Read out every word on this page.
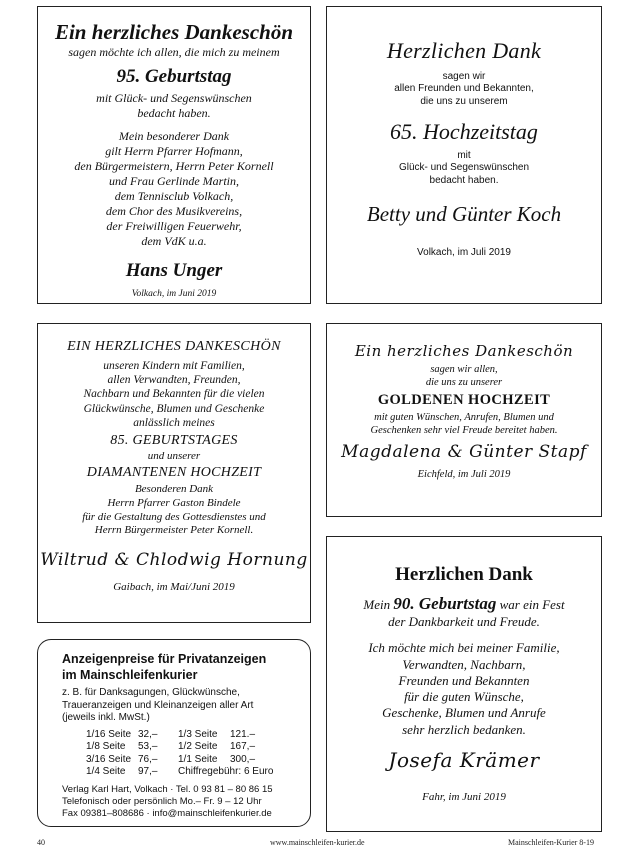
Ein herzliches Dankeschön
sagen möchte ich allen, die mich zu meinem
95. Geburtstag
mit Glück- und Segenswünschen
bedacht haben.
Mein besonderer Dank
gilt Herrn Pfarrer Hofmann,
den Bürgermeistern, Herrn Peter Kornell
und Frau Gerlinde Martin,
dem Tennisclub Volkach,
dem Chor des Musikvereins,
der Freiwilligen Feuerwehr,
dem VdK u.a.
Hans Unger
Volkach, im Juni 2019
Herzlichen Dank
sagen wir
allen Freunden und Bekannten,
die uns zu unserem
65. Hochzeitstag
mit
Glück- und Segenswünschen
bedacht haben.
Betty und Günter Koch
Volkach, im Juli 2019
EIN HERZLICHES DANKESCHÖN
unseren Kindern mit Familien,
allen Verwandten, Freunden,
Nachbarn und Bekannten für die vielen
Glückwünsche, Blumen und Geschenke
anlässlich meines
85. GEBURTSTAGES
und unserer
DIAMANTENEN HOCHZEIT
Besonderen Dank
Herrn Pfarrer Gaston Bindele
für die Gestaltung des Gottesdienstes und
Herrn Bürgermeister Peter Kornell.
Wiltrud & Chlodwig Hornung
Gaibach, im Mai/Juni 2019
Ein herzliches Dankeschön
sagen wir allen,
die uns zu unserer
GOLDENEN HOCHZEIT
mit guten Wünschen, Anrufen, Blumen und
Geschenken sehr viel Freude bereitet haben.
Magdalena & Günter Stapf
Eichfeld, im Juli 2019
Herzlichen Dank
Mein 90. Geburtstag war ein Fest
der Dankbarkeit und Freude.
Ich möchte mich bei meiner Familie,
Verwandten, Nachbarn,
Freunden und Bekannten
für die guten Wünsche,
Geschenke, Blumen und Anrufe
sehr herzlich bedanken.
Josefa Krämer
Fahr, im Juni 2019
Anzeigenpreise für Privatanzeigen
im Mainschleifenkurier
z. B. für Danksagungen, Glückwünsche,
Traueranzeigen und Kleinanzeigen aller Art
(jeweils inkl. MwSt.)
1/16 Seite
1/8 Seite
3/16 Seite
1/4 Seite
32,–
53,–
76,–
97,–
1/3 Seite
1/2 Seite
1/1 Seite
Chiffregebühr: 6 Euro
121.–
167,–
300,–
Verlag Karl Hart, Volkach · Tel. 0 93 81 – 80 86 15
Telefonisch oder persönlich Mo.– Fr. 9 – 12 Uhr
Fax 09381–808686 · info@mainschleifenkurier.de
40	www.mainschleifen-kurier.de	Mainschleifen-Kurier 8-19
